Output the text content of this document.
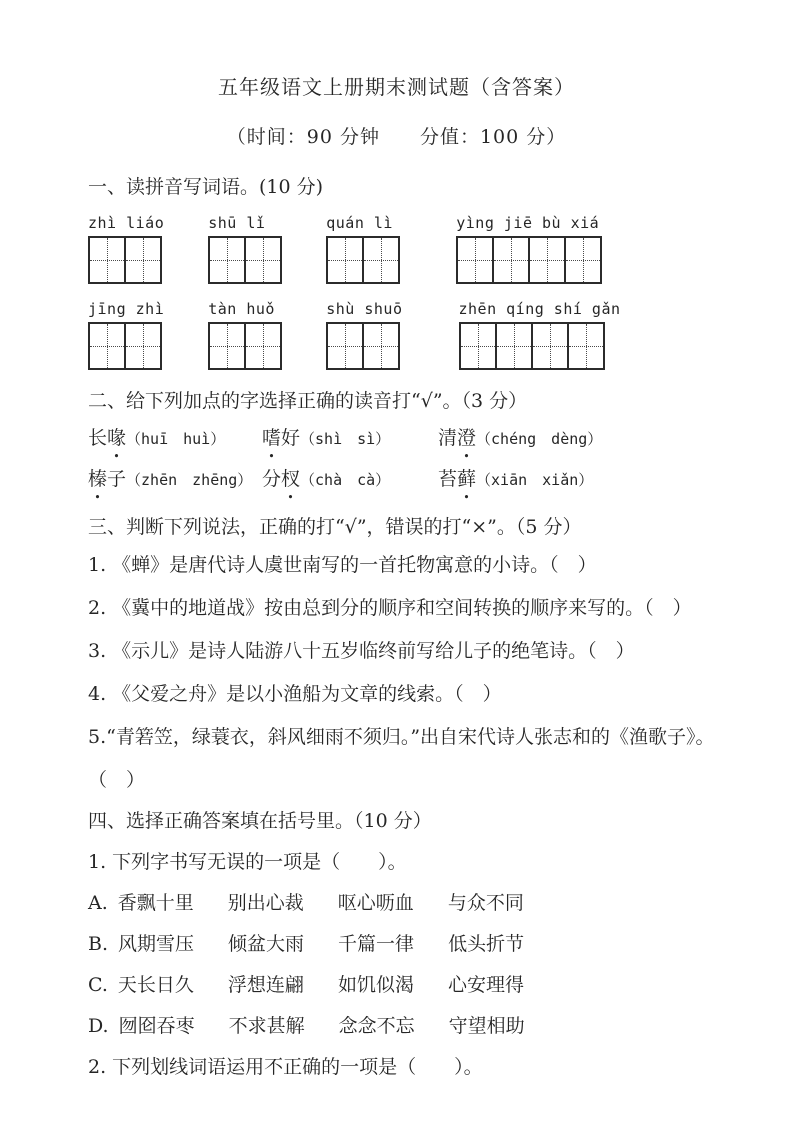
五年级语文上册期末测试题（含答案）
（时间：90 分钟　　分值：100 分）
一、读拼音写词语。(10 分)
zhì liáo	shū lǐ	quán lì	yìng jiē bù xiá
jīng zhì	tàn huǒ	shù shuō	zhēn qíng shí gǎn
二、给下列加点的字选择正确的读音打“√”。（3 分）
长喙（huī　huì）	嗜好（shì　sì）	清澄（chéng　dèng）
榛子（zhēn　zhēng） 分杈（chà　cà）	苔藓（xiān　xiǎn）
三、判断下列说法，正确的打“√”，错误的打“×”。（5 分）
1. 《蝉》是唐代诗人虞世南写的一首托物寓意的小诗。（　）
2. 《冀中的地道战》按由总到分的顺序和空间转换的顺序来写的。（　）
3. 《示儿》是诗人陆游八十五岁临终前写给儿子的绝笔诗。（　）
4. 《父爱之舟》是以小渔船为文章的线索。（　）
5.“青箬笠，绿蓑衣，斜风细雨不须归。”出自宋代诗人张志和的《渔歌子》。
（　）
四、选择正确答案填在括号里。（10 分）
1. 下列字书写无误的一项是（　　）。
A. 香飘十里 别出心裁 呕心呖血 与众不同
B. 风期雪压 倾盆大雨 千篇一律 低头折节
C. 天长日久 浮想连翩 如饥似渴 心安理得
D. 囫囵吞枣 不求甚解 念念不忘 守望相助
2. 下列划线词语运用不正确的一项是（　　）。
